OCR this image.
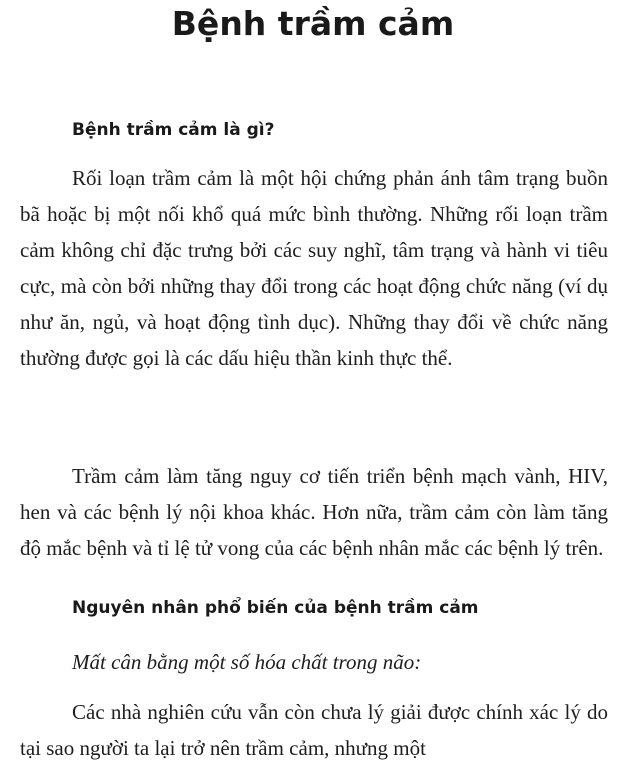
Bệnh trầm cảm
Bệnh trầm cảm là gì?

Rối loạn trầm cảm là một hội chứng phản ánh tâm trạng buồn bã hoặc bị một nối khổ quá mức bình thường. Những rối loạn trầm cảm không chỉ đặc trưng bởi các suy nghĩ, tâm trạng và hành vi tiêu cực, mà còn bởi những thay đổi trong các hoạt động chức năng (ví dụ như ăn, ngủ, và hoạt động tình dục). Những thay đổi về chức năng thường được gọi là các dấu hiệu thần kinh thực thể.

Trầm cảm làm tăng nguy cơ tiến triển bệnh mạch vành, HIV, hen và các bệnh lý nội khoa khác. Hơn nữa, trầm cảm còn làm tăng độ mắc bệnh và tỉ lệ tử vong của các bệnh nhân mắc các bệnh lý trên.

Nguyên nhân phổ biến của bệnh trầm cảm

Mất cân bằng một số hóa chất trong não:

Các nhà nghiên cứu vẫn còn chưa lý giải được chính xác lý do tại sao người ta lại trở nên trầm cảm, nhưng một
